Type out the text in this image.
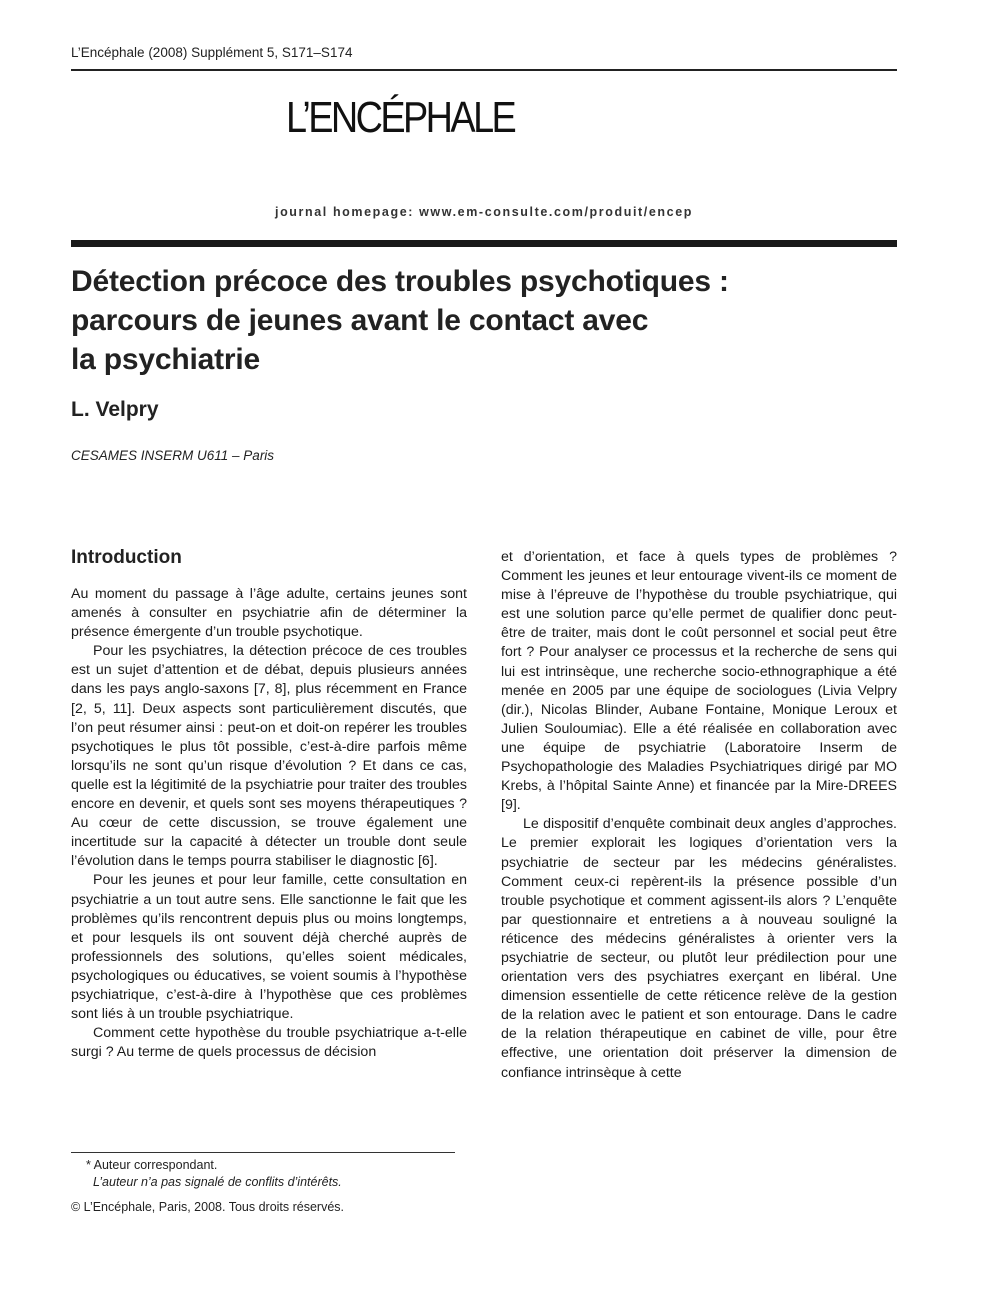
L’Encéphale (2008) Supplément 5, S171–S174
L’ENCÉPHALE
journal homepage: www.em-consulte.com/produit/encep
Détection précoce des troubles psychotiques :
parcours de jeunes avant le contact avec
la psychiatrie
L. Velpry
CESAMES INSERM U611 – Paris
Introduction

Au moment du passage à l’âge adulte, certains jeunes sont amenés à consulter en psychiatrie afin de déterminer la présence émergente d’un trouble psychotique.

Pour les psychiatres, la détection précoce de ces troubles est un sujet d’attention et de débat, depuis plusieurs années dans les pays anglo-saxons [7, 8], plus récemment en France [2, 5, 11]. Deux aspects sont particulièrement discutés, que l’on peut résumer ainsi : peut-on et doit-on repérer les troubles psychotiques le plus tôt possible, c’est-à-dire parfois même lorsqu’ils ne sont qu’un risque d’évolution ? Et dans ce cas, quelle est la légitimité de la psychiatrie pour traiter des troubles encore en devenir, et quels sont ses moyens thérapeutiques ? Au cœur de cette discussion, se trouve également une incertitude sur la capacité à détecter un trouble dont seule l’évolution dans le temps pourra stabiliser le diagnostic [6].

Pour les jeunes et pour leur famille, cette consultation en psychiatrie a un tout autre sens. Elle sanctionne le fait que les problèmes qu’ils rencontrent depuis plus ou moins longtemps, et pour lesquels ils ont souvent déjà cherché auprès de professionnels des solutions, qu’elles soient médicales, psychologiques ou éducatives, se voient soumis à l’hypothèse psychiatrique, c’est-à-dire à l’hypothèse que ces problèmes sont liés à un trouble psychiatrique.

Comment cette hypothèse du trouble psychiatrique a-t-elle surgi ? Au terme de quels processus de décision

et d’orientation, et face à quels types de problèmes ? Comment les jeunes et leur entourage vivent-ils ce moment de mise à l’épreuve de l’hypothèse du trouble psychiatrique, qui est une solution parce qu’elle permet de qualifier donc peut-être de traiter, mais dont le coût personnel et social peut être fort ? Pour analyser ce processus et la recherche de sens qui lui est intrinsèque, une recherche socio-ethnographique a été menée en 2005 par une équipe de sociologues (Livia Velpry (dir.), Nicolas Blinder, Aubane Fontaine, Monique Leroux et Julien Souloumiac). Elle a été réalisée en collaboration avec une équipe de psychiatrie (Laboratoire Inserm de Psychopathologie des Maladies Psychiatriques dirigé par MO Krebs, à l’hôpital Sainte Anne) et financée par la Mire-DREES [9].

Le dispositif d’enquête combinait deux angles d’approches. Le premier explorait les logiques d’orientation vers la psychiatrie de secteur par les médecins généralistes. Comment ceux-ci repèrent-ils la présence possible d’un trouble psychotique et comment agissent-ils alors ? L’enquête par questionnaire et entretiens a à nouveau souligné la réticence des médecins généralistes à orienter vers la psychiatrie de secteur, ou plutôt leur prédilection pour une orientation vers des psychiatres exerçant en libéral. Une dimension essentielle de cette réticence relève de la gestion de la relation avec le patient et son entourage. Dans le cadre de la relation thérapeutique en cabinet de ville, pour être effective, une orientation doit préserver la dimension de confiance intrinsèque à cette

* Auteur correspondant.
L’auteur n’a pas signalé de conflits d’intérêts.
© L’Encéphale, Paris, 2008. Tous droits réservés.
